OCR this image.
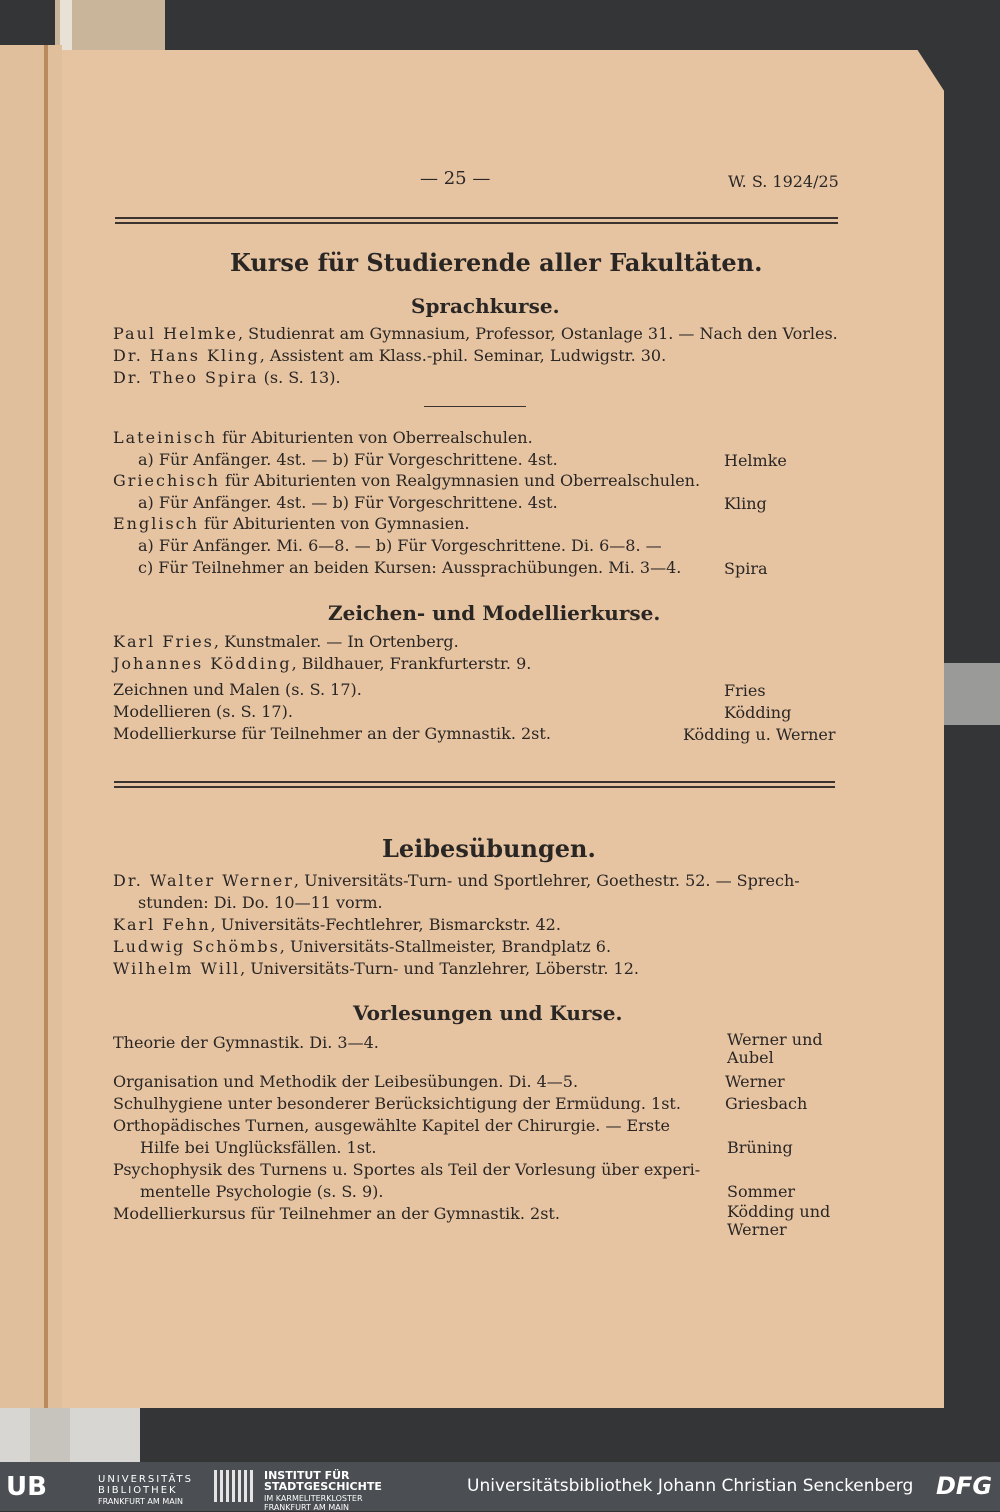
— 25 —	W. S. 1924/25
Kurse für Studierende aller Fakultäten.
Sprachkurse.
Paul Helmke, Studienrat am Gymnasium, Professor, Ostanlage 31. — Nach den Vorles.
Dr. Hans Kling, Assistent am Klass.-phil. Seminar, Ludwigstr. 30.
Dr. Theo Spira (s. S. 13).
Lateinisch für Abiturienten von Oberrealschulen.
a) Für Anfänger. 4st. — b) Für Vorgeschrittene. 4st.	Helmke
Griechisch für Abiturienten von Realgymnasien und Oberrealschulen.
a) Für Anfänger. 4st. — b) Für Vorgeschrittene. 4st.	Kling
Englisch für Abiturienten von Gymnasien.
a) Für Anfänger. Mi. 6—8. — b) Für Vorgeschrittene. Di. 6—8. —
c) Für Teilnehmer an beiden Kursen: Aussprachübungen. Mi. 3—4.	Spira
Zeichen- und Modellierkurse.
Karl Fries, Kunstmaler. — In Ortenberg.
Johannes Ködding, Bildhauer, Frankfurterstr. 9.
Zeichnen und Malen (s. S. 17).	Fries
Modellieren (s. S. 17).	Ködding
Modellierkurse für Teilnehmer an der Gymnastik. 2st.	Ködding u. Werner
Leibesübungen.
Dr. Walter Werner, Universitäts-Turn- und Sportlehrer, Goethestr. 52. — Sprech-
stunden: Di. Do. 10—11 vorm.
Karl Fehn, Universitäts-Fechtlehrer, Bismarckstr. 42.
Ludwig Schömbs, Universitäts-Stallmeister, Brandplatz 6.
Wilhelm Will, Universitäts-Turn- und Tanzlehrer, Löberstr. 12.
Vorlesungen und Kurse.
Theorie der Gymnastik. Di. 3—4.	Werner und
Aubel
Organisation und Methodik der Leibesübungen. Di. 4—5.	Werner
Schulhygiene unter besonderer Berücksichtigung der Ermüdung. 1st.	Griesbach
Orthopädisches Turnen, ausgewählte Kapitel der Chirurgie. — Erste
Hilfe bei Unglücksfällen. 1st.	Brüning
Psychophysik des Turnens u. Sportes als Teil der Vorlesung über experi-
mentelle Psychologie (s. S. 9).	Sommer
Modellierkursus für Teilnehmer an der Gymnastik. 2st.	Ködding und
Werner
UB	UNIVERSITÄTS
BIBLIOTHEK
FRANKFURT AM MAIN
INSTITUT FÜR
STADTGESCHICHTE
IM KARMELITERKLOSTER
FRANKFURT AM MAIN
Universitätsbibliothek Johann Christian Senckenberg DFG
